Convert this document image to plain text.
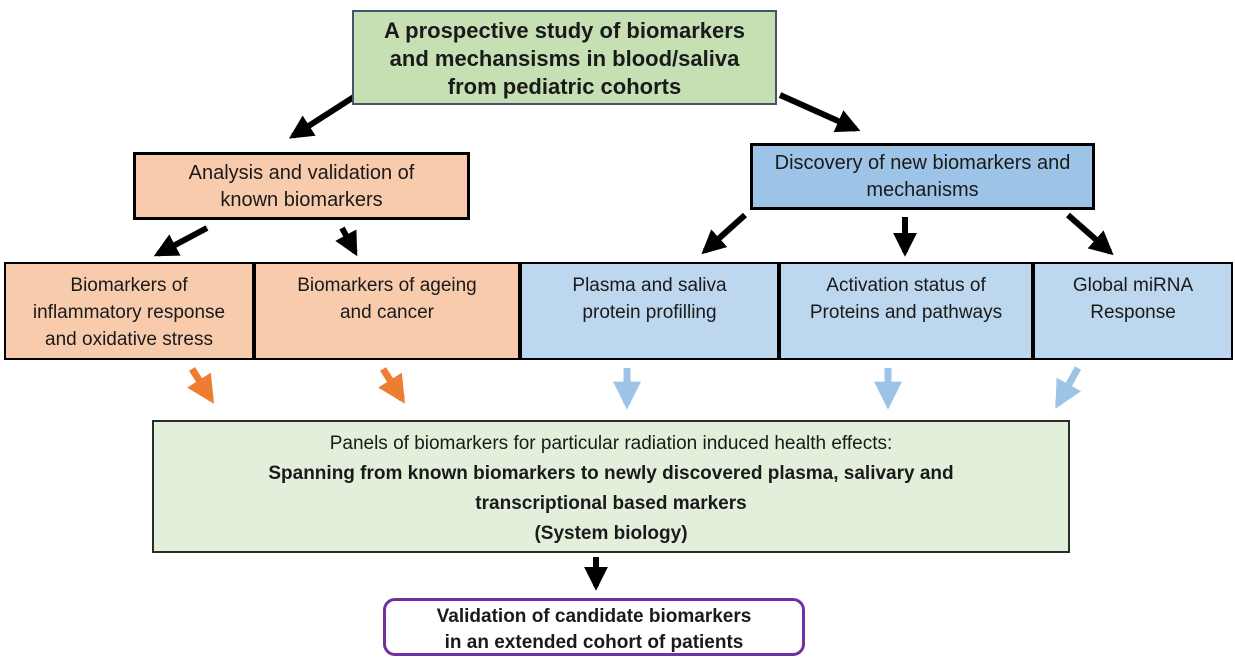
A prospective study of biomarkers
and mechansisms in blood/saliva
from pediatric cohorts
Analysis and validation of
known biomarkers
Discovery of new biomarkers and
mechanisms
Biomarkers of
inflammatory response
and oxidative stress
Biomarkers of ageing
and cancer
Plasma and saliva
protein profilling
Activation status of
Proteins and pathways
Global miRNA
Response
Panels of biomarkers for particular radiation induced health effects:
Spanning from known biomarkers to newly discovered plasma, salivary and
transcriptional based markers
(System biology)
Validation of candidate biomarkers
in an extended cohort of patients
